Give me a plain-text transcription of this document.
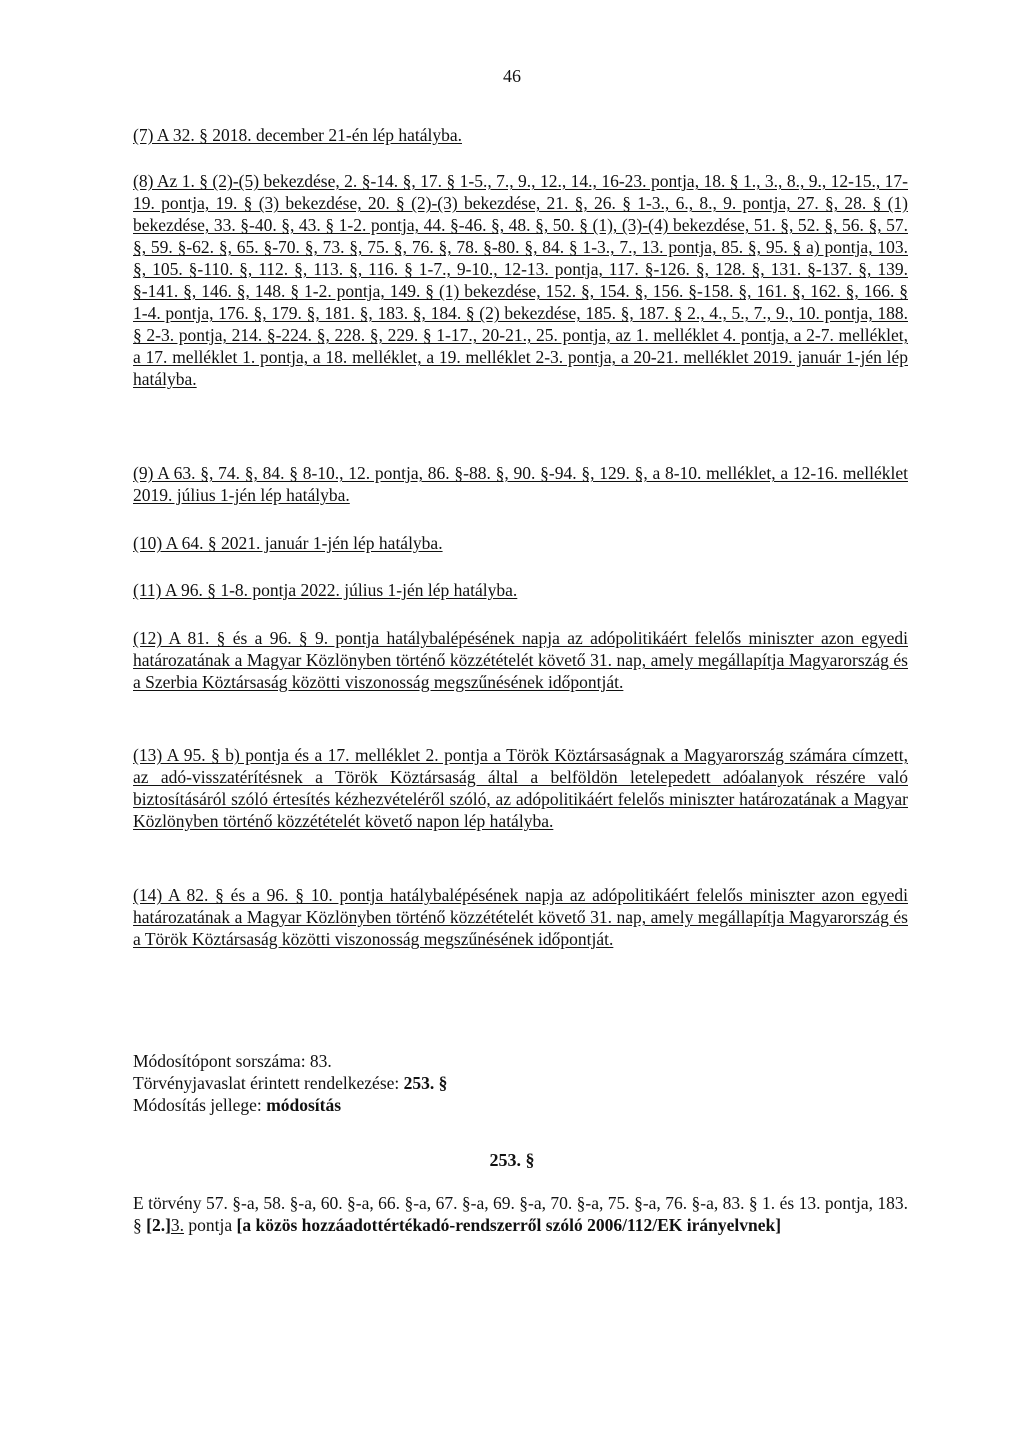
46
(7) A 32. § 2018. december 21-én lép hatályba.
(8) Az 1. § (2)-(5) bekezdése, 2. §-14. §, 17. § 1-5., 7., 9., 12., 14., 16-23. pontja, 18. § 1., 3., 8., 9., 12-15., 17-19. pontja, 19. § (3) bekezdése, 20. § (2)-(3) bekezdése, 21. §, 26. § 1-3., 6., 8., 9. pontja, 27. §, 28. § (1) bekezdése, 33. §-40. §, 43. § 1-2. pontja, 44. §-46. §, 48. §, 50. § (1), (3)-(4) bekezdése, 51. §, 52. §, 56. §, 57. §, 59. §-62. §, 65. §-70. §, 73. §, 75. §, 76. §, 78. §-80. §, 84. § 1-3., 7., 13. pontja, 85. §, 95. § a) pontja, 103. §, 105. §-110. §, 112. §, 113. §, 116. § 1-7., 9-10., 12-13. pontja, 117. §-126. §, 128. §, 131. §-137. §, 139. §-141. §, 146. §, 148. § 1-2. pontja, 149. § (1) bekezdése, 152. §, 154. §, 156. §-158. §, 161. §, 162. §, 166. § 1-4. pontja, 176. §, 179. §, 181. §, 183. §, 184. § (2) bekezdése, 185. §, 187. § 2., 4., 5., 7., 9., 10. pontja, 188. § 2-3. pontja, 214. §-224. §, 228. §, 229. § 1-17., 20-21., 25. pontja, az 1. melléklet 4. pontja, a 2-7. melléklet, a 17. melléklet 1. pontja, a 18. melléklet, a 19. melléklet 2-3. pontja, a 20-21. melléklet 2019. január 1-jén lép hatályba.
(9) A 63. §, 74. §, 84. § 8-10., 12. pontja, 86. §-88. §, 90. §-94. §, 129. §, a 8-10. melléklet, a 12-16. melléklet 2019. július 1-jén lép hatályba.
(10) A 64. § 2021. január 1-jén lép hatályba.
(11) A 96. § 1-8. pontja 2022. július 1-jén lép hatályba.
(12) A 81. § és a 96. § 9. pontja hatálybalépésének napja az adópolitikáért felelős miniszter azon egyedi határozatának a Magyar Közlönyben történő közzétételét követő 31. nap, amely megállapítja Magyarország és a Szerbia Köztársaság közötti viszonosság megszűnésének időpontját.
(13) A 95. § b) pontja és a 17. melléklet 2. pontja a Török Köztársaságnak a Magyarország számára címzett, az adó-visszatérítésnek a Török Köztársaság által a belföldön letelepedett adóalanyok részére való biztosításáról szóló értesítés kézhezvételéről szóló, az adópolitikáért felelős miniszter határozatának a Magyar Közlönyben történő közzétételét követő napon lép hatályba.
(14) A 82. § és a 96. § 10. pontja hatálybalépésének napja az adópolitikáért felelős miniszter azon egyedi határozatának a Magyar Közlönyben történő közzétételét követő 31. nap, amely megállapítja Magyarország és a Török Köztársaság közötti viszonosság megszűnésének időpontját.
Módosítópont sorszáma: 83.
Törvényjavaslat érintett rendelkezése: 253. §
Módosítás jellege: módosítás
253. §
E törvény 57. §-a, 58. §-a, 60. §-a, 66. §-a, 67. §-a, 69. §-a, 70. §-a, 75. §-a, 76. §-a, 83. § 1. és 13. pontja, 183. § [2.]3. pontja [a közös hozzáadottértékadó-rendszerről szóló 2006/112/EK irányelvnek]
